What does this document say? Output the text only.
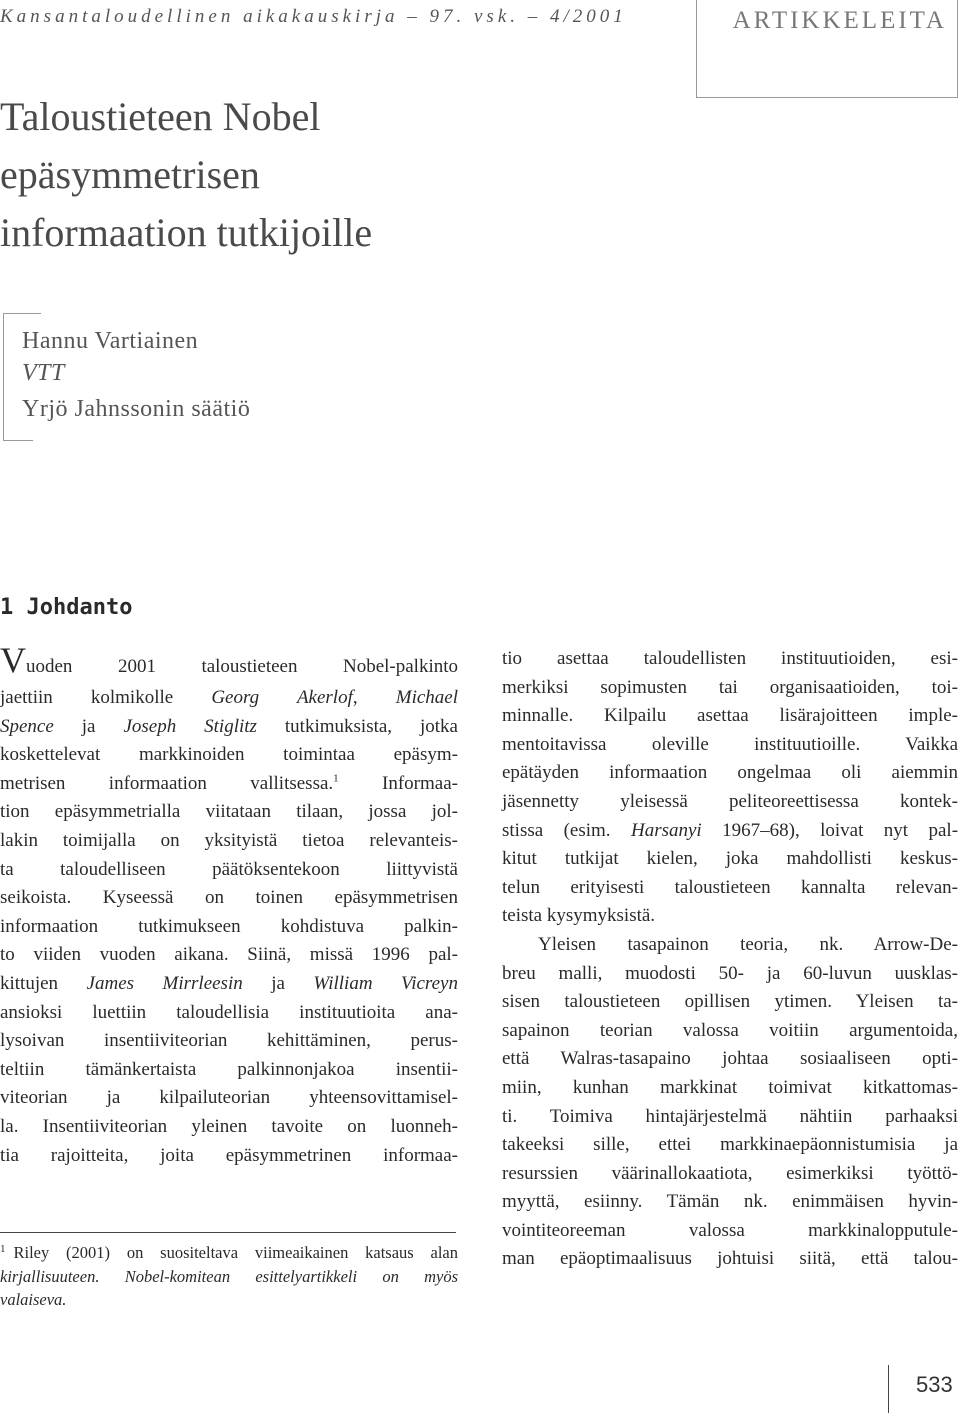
Kansantaloudellinen aikakauskirja – 97. vsk. – 4/2001	ARTIKKELEITA
Taloustieteen Nobel
epäsymmetrisen
informaation tutkijoille
Hannu Vartiainen
VTT
Yrjö Jahnssonin säätiö
1 Johdanto
Vuoden 2001 taloustieteen Nobel-palkinto
jaettiin kolmikolle Georg Akerlof, Michael
Spence ja Joseph Stiglitz tutkimuksista, jotka
koskettelevat markkinoiden toimintaa epäsym-
metrisen informaation vallitsessa.$^1$ Informaa-
tion epäsymmetrialla viitataan tilaan, jossa jol-
lakin toimijalla on yksityistä tietoa relevanteis-
ta taloudelliseen päätöksentekoon liittyvistä
seikoista. Kyseessä on toinen epäsymmetrisen
informaation tutkimukseen kohdistuva palkin-
to viiden vuoden aikana. Siinä, missä 1996 pal-
kittujen James Mirrleesin ja William Vicreyn
ansioksi luettiin taloudellisia instituutioita ana-
lysoivan insentiiviteorian kehittäminen, perus-
teltiin tämänkertaista palkinnonjakoa insentii-
viteorian ja kilpailuteorian yhteensovittamisel-
la. Insentiiviteorian yleinen tavoite on luonneh-
tia rajoitteita, joita epäsymmetrinen informaa-
$^1$ Riley (2001) on suositeltava viimeaikainen katsaus alan
kirjallisuuteen. Nobel-komitean esittelyartikkeli on myös
valaiseva.
tio asettaa taloudellisten instituutioiden, esi-
merkiksi sopimusten tai organisaatioiden, toi-
minnalle. Kilpailu asettaa lisärajoitteen imple-
mentoitavissa oleville instituutioille. Vaikka
epätäyden informaation ongelmaa oli aiemmin
jäsennetty yleisessä peliteoreettisessa kontek-
stissa (esim. Harsanyi 1967–68), loivat nyt pal-
kitut tutkijat kielen, joka mahdollisti keskus-
telun erityisesti taloustieteen kannalta relevan-
teista kysymyksistä.
Yleisen tasapainon teoria, nk. Arrow-De-
breu malli, muodosti 50- ja 60-luvun uusklas-
sisen taloustieteen opillisen ytimen. Yleisen ta-
sapainon teorian valossa voitiin argumentoida,
että Walras-tasapaino johtaa sosiaaliseen opti-
miin, kunhan markkinat toimivat kitkattomas-
ti. Toimiva hintajärjestelmä nähtiin parhaaksi
takeeksi sille, ettei markkinaepäonnistumisia ja
resurssien väärinallokaatiota, esimerkiksi työttö-
myyttä, esiinny. Tämän nk. enimmäisen hyvin-
vointiteoreeman valossa markkinalopputule-
man epäoptimaalisuus johtuisi siitä, että talou-
533
